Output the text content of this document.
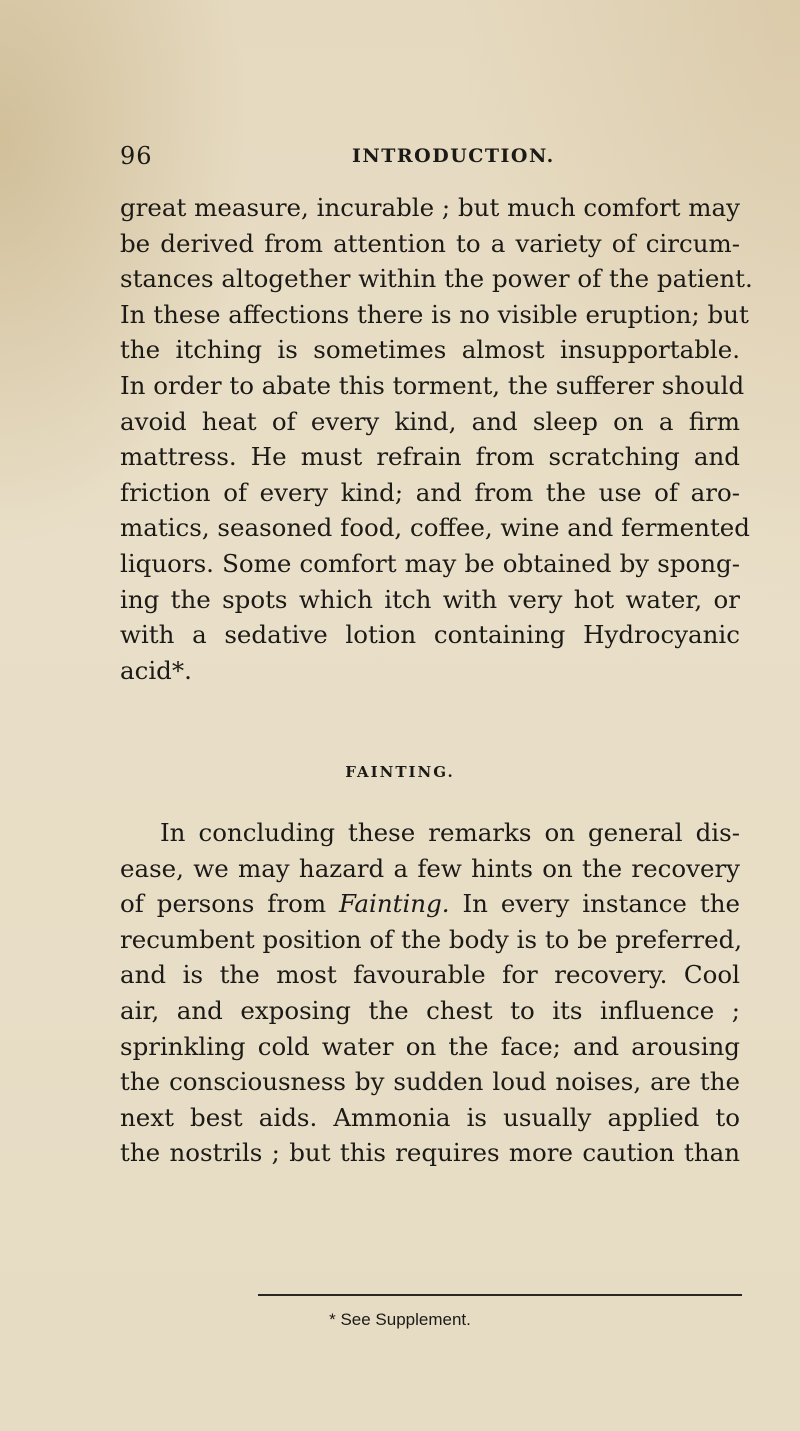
96	INTRODUCTION.
great measure, incurable ; but much comfort may
be derived from attention to a variety of circum-
stances altogether within the power of the patient.
In these affections there is no visible eruption; but
the itching is sometimes almost insupportable.
In order to abate this torment, the sufferer should
avoid heat of every kind, and sleep on a firm
mattress. He must refrain from scratching and
friction of every kind; and from the use of aro-
matics, seasoned food, coffee, wine and fermented
liquors. Some comfort may be obtained by spong-
ing the spots which itch with very hot water, or
with a sedative lotion containing Hydrocyanic
acid*.
FAINTING.
In concluding these remarks on general dis-
ease, we may hazard a few hints on the recovery
of persons from Fainting. In every instance the
recumbent position of the body is to be preferred,
and is the most favourable for recovery. Cool
air, and exposing the chest to its influence ;
sprinkling cold water on the face; and arousing
the consciousness by sudden loud noises, are the
next best aids. Ammonia is usually applied to
the nostrils ; but this requires more caution than
* See Supplement.
